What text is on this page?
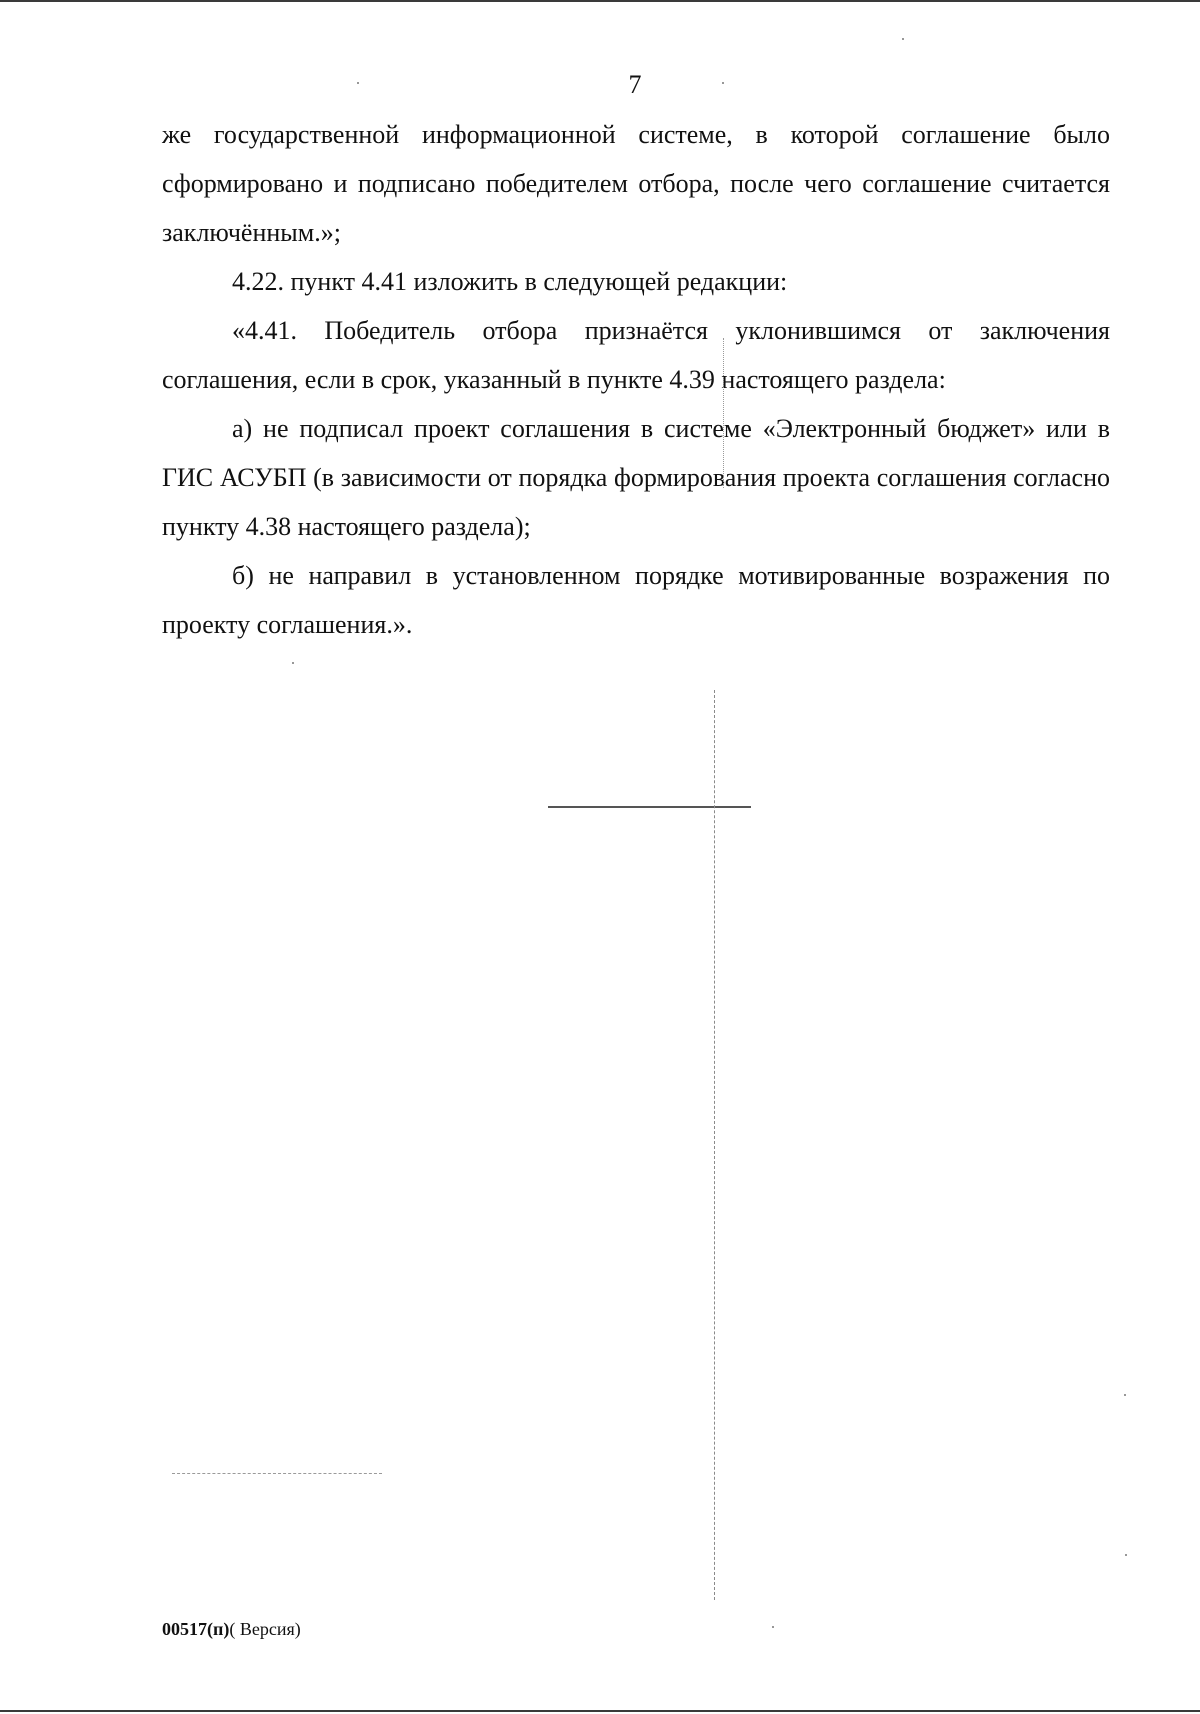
7

же государственной информационной системе, в которой соглашение было сформировано и подписано победителем отбора, после чего соглашение считается заключённым.»;

4.22. пункт 4.41 изложить в следующей редакции:

«4.41. Победитель отбора признаётся уклонившимся от заключения соглашения, если в срок, указанный в пункте 4.39 настоящего раздела:

а) не подписал проект соглашения в системе «Электронный бюджет» или в ГИС АСУБП (в зависимости от порядка формирования проекта соглашения согласно пункту 4.38 настоящего раздела);

б) не направил в установленном порядке мотивированные возражения по проекту соглашения.».

00517(п)( Версия)
